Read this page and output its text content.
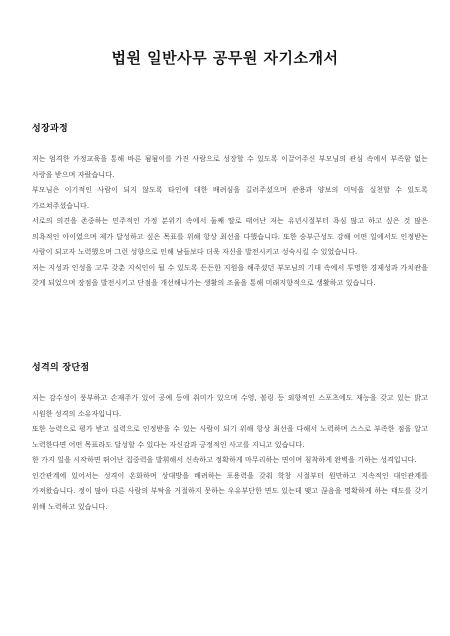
법원 일반사무 공무원 자기소개서
성장과정

저는 엄격한 가정교육을 통해 바른 됨됨이를 가진 사람으로 성장할 수 있도록 이끌어주신 부모님의 관심 속에서 부족함 없는 사랑을 받으며 자랐습니다.

부모님은 이기적인 사람이 되지 않도록 타인에 대한 배려심을 길러주셨으며 관용과 양보의 미덕을 실천할 수 있도록 가르쳐주셨습니다.

서로의 의견을 존중하는 민주적인 가정 분위기 속에서 둘째 딸로 태어난 저는 유년시절부터 욕심 많고 하고 싶은 것 많은 의욕적인 아이였으며 제가 달성하고 싶은 목표를 위해 항상 최선을 다했습니다. 또한 승부근성도 강해 어떤 일에서도 인정받는 사람이 되고자 노력했으며 그런 성향으로 인해 남들보다 더욱 자신을 발전시키고 성숙시킬 수 있었습니다.

저는 지성과 인성을 고루 갖춘 지식인이 될 수 있도록 든든한 지원을 해주셨던 부모님의 기대 속에서 투명한 경제성과 가치관을 갖게 되었으며 장점을 발전시키고 단점을 개선해나가는 생활의 조율을 통해 미래지향적으로 생활하고 있습니다.

성격의 장단점

저는 감수성이 풍부하고 손재주가 있어 공예 등에 취미가 있으며 수영, 볼링 등 외향적인 스포츠에도 재능을 갖고 있는 밝고 시원한 성격의 소유자입니다.

또한 능력으로 평가 받고 실력으로 인정받을 수 있는 사람이 되기 위해 항상 최선을 다해서 노력하며 스스로 부족한 점을 알고 노력한다면 어떤 목표라도 달성할 수 있다는 자신감과 긍정적인 사고를 지니고 있습니다.

한 가지 일을 시작하면 뛰어난 집중력을 발휘해서 신속하고 정확하게 마무리하는 면이며 침착하게 완벽을 기하는 성격입니다.

인간관계에 있어서는 성격이 온화하며 상대방을 배려하는 포용력을 갖춰 학창 시절부터 원만하고 지속적인 대인관계를 가져왔습니다. 정이 많아 다른 사람의 부탁을 거절하지 못하는 우유부단한 면도 있는데 맺고 끊음을 명확하게 하는 태도를 갖기 위해 노력하고 있습니다.
